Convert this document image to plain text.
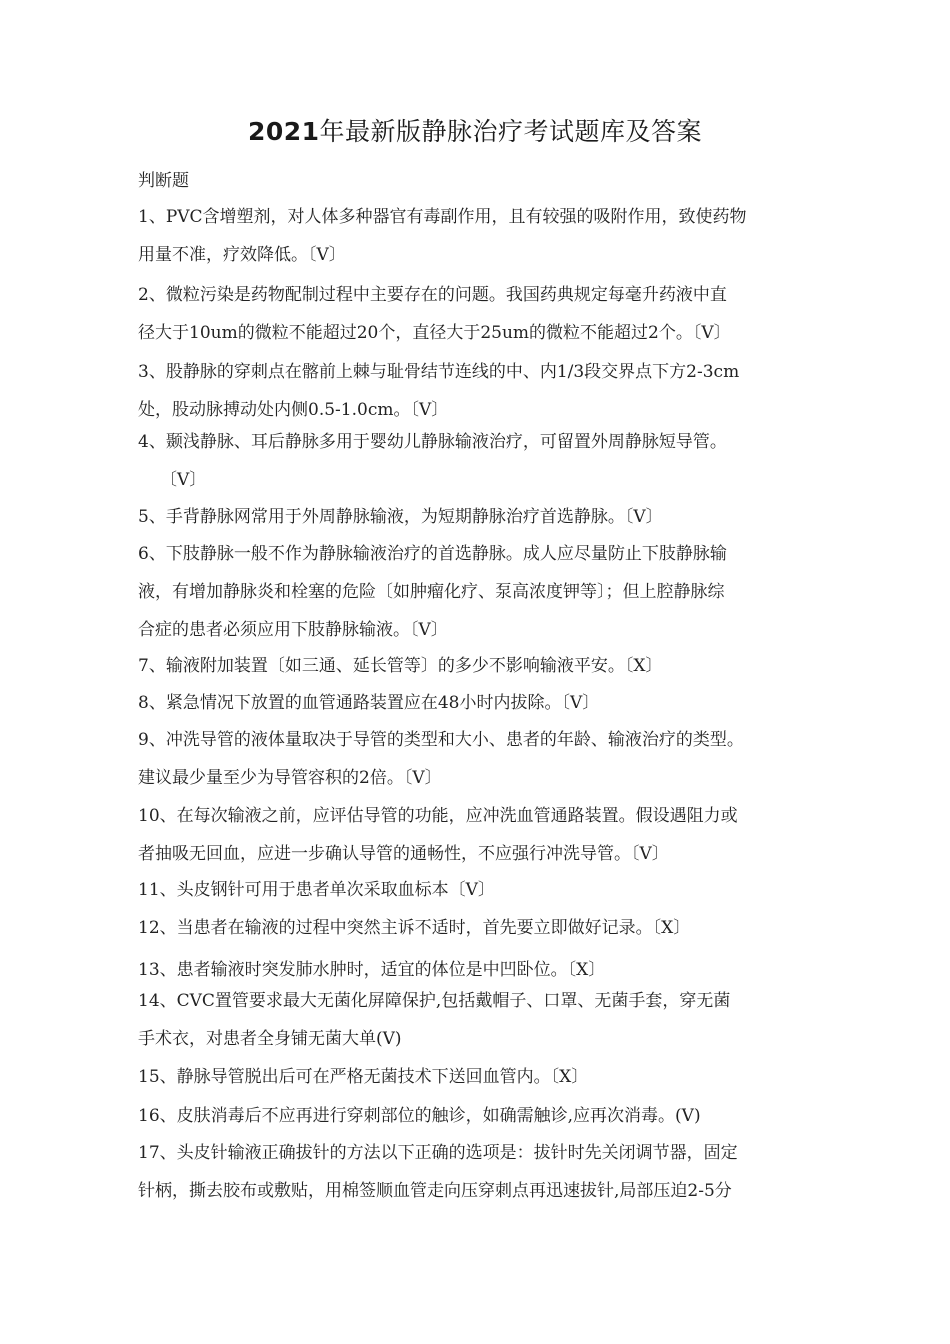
2021年最新版静脉治疗考试题库及答案
判断题
1、PVC含增塑剂，对人体多种器官有毒副作用，且有较强的吸附作用，致使药物
用量不准，疗效降低。〔V〕
2、微粒污染是药物配制过程中主要存在的问题。我国药典规定每毫升药液中直
径大于10um的微粒不能超过20个，直径大于25um的微粒不能超过2个。〔V〕
3、股静脉的穿刺点在髂前上棘与耻骨结节连线的中、内1/3段交界点下方2-3cm
处，股动脉搏动处内侧0.5-1.0cm。〔V〕
4、颞浅静脉、耳后静脉多用于婴幼儿静脉输液治疗，可留置外周静脉短导管。
〔V〕
5、手背静脉网常用于外周静脉输液，为短期静脉治疗首选静脉。〔V〕
6、下肢静脉一般不作为静脉输液治疗的首选静脉。成人应尽量防止下肢静脉输
液，有增加静脉炎和栓塞的危险〔如肿瘤化疗、泵高浓度钾等〕；但上腔静脉综
合症的患者必须应用下肢静脉输液。〔V〕
7、输液附加装置〔如三通、延长管等〕的多少不影响输液平安。〔X〕
8、紧急情况下放置的血管通路装置应在48小时内拔除。〔V〕
9、冲洗导管的液体量取决于导管的类型和大小、患者的年龄、输液治疗的类型。
建议最少量至少为导管容积的2倍。〔V〕
10、在每次输液之前，应评估导管的功能，应冲洗血管通路装置。假设遇阻力或
者抽吸无回血，应进一步确认导管的通畅性，不应强行冲洗导管。〔V〕
11、头皮钢针可用于患者单次采取血标本〔V〕
12、当患者在输液的过程中突然主诉不适时，首先要立即做好记录。〔X〕
13、患者输液时突发肺水肿时，适宜的体位是中凹卧位。〔X〕
14、CVC置管要求最大无菌化屏障保护,包括戴帽子、口罩、无菌手套，穿无菌
手术衣，对患者全身铺无菌大单(V)
15、静脉导管脱出后可在严格无菌技术下送回血管内。〔X〕
16、皮肤消毒后不应再进行穿刺部位的触诊，如确需触诊,应再次消毒。(V)
17、头皮针输液正确拔针的方法以下正确的选项是：拔针时先关闭调节器，固定
针柄，撕去胶布或敷贴，用棉签顺血管走向压穿刺点再迅速拔针,局部压迫2-5分
